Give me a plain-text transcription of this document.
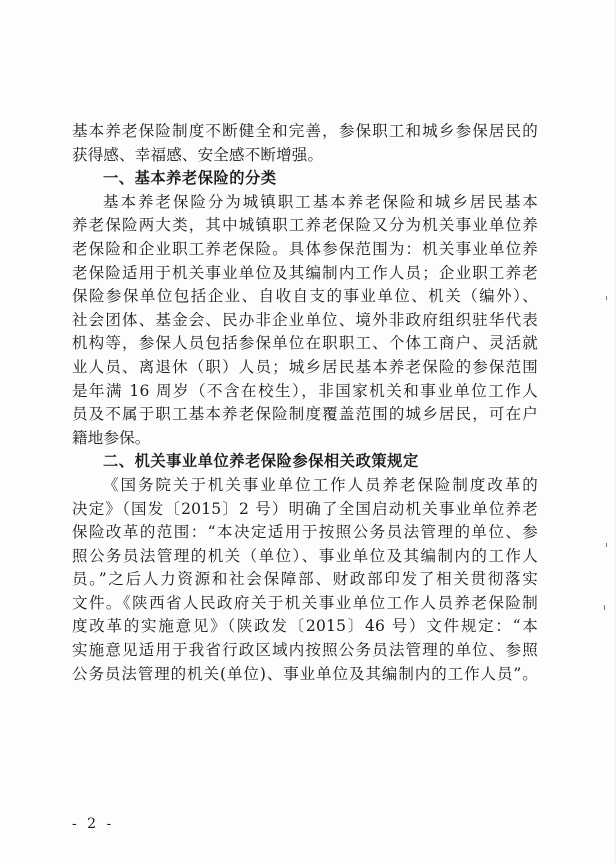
基本养老保险制度不断健全和完善，参保职工和城乡参保居民的
获得感、幸福感、安全感不断增强。
一、基本养老保险的分类
基本养老保险分为城镇职工基本养老保险和城乡居民基本
养老保险两大类，其中城镇职工养老保险又分为机关事业单位养
老保险和企业职工养老保险。具体参保范围为：机关事业单位养
老保险适用于机关事业单位及其编制内工作人员；企业职工养老
保险参保单位包括企业、自收自支的事业单位、机关（编外）、
社会团体、基金会、民办非企业单位、境外非政府组织驻华代表
机构等，参保人员包括参保单位在职职工、个体工商户、灵活就
业人员、离退休（职）人员；城乡居民基本养老保险的参保范围
是年满 16 周岁（不含在校生），非国家机关和事业单位工作人
员及不属于职工基本养老保险制度覆盖范围的城乡居民，可在户
籍地参保。
二、机关事业单位养老保险参保相关政策规定
《国务院关于机关事业单位工作人员养老保险制度改革的
决定》（国发〔2015〕2 号）明确了全国启动机关事业单位养老
保险改革的范围：“本决定适用于按照公务员法管理的单位、参
照公务员法管理的机关（单位）、事业单位及其编制内的工作人
员。”之后人力资源和社会保障部、财政部印发了相关贯彻落实
文件。《陕西省人民政府关于机关事业单位工作人员养老保险制
度改革的实施意见》（陕政发〔2015〕46 号）文件规定：“本
实施意见适用于我省行政区域内按照公务员法管理的单位、参照
公务员法管理的机关(单位)、事业单位及其编制内的工作人员”。
- 2 -
